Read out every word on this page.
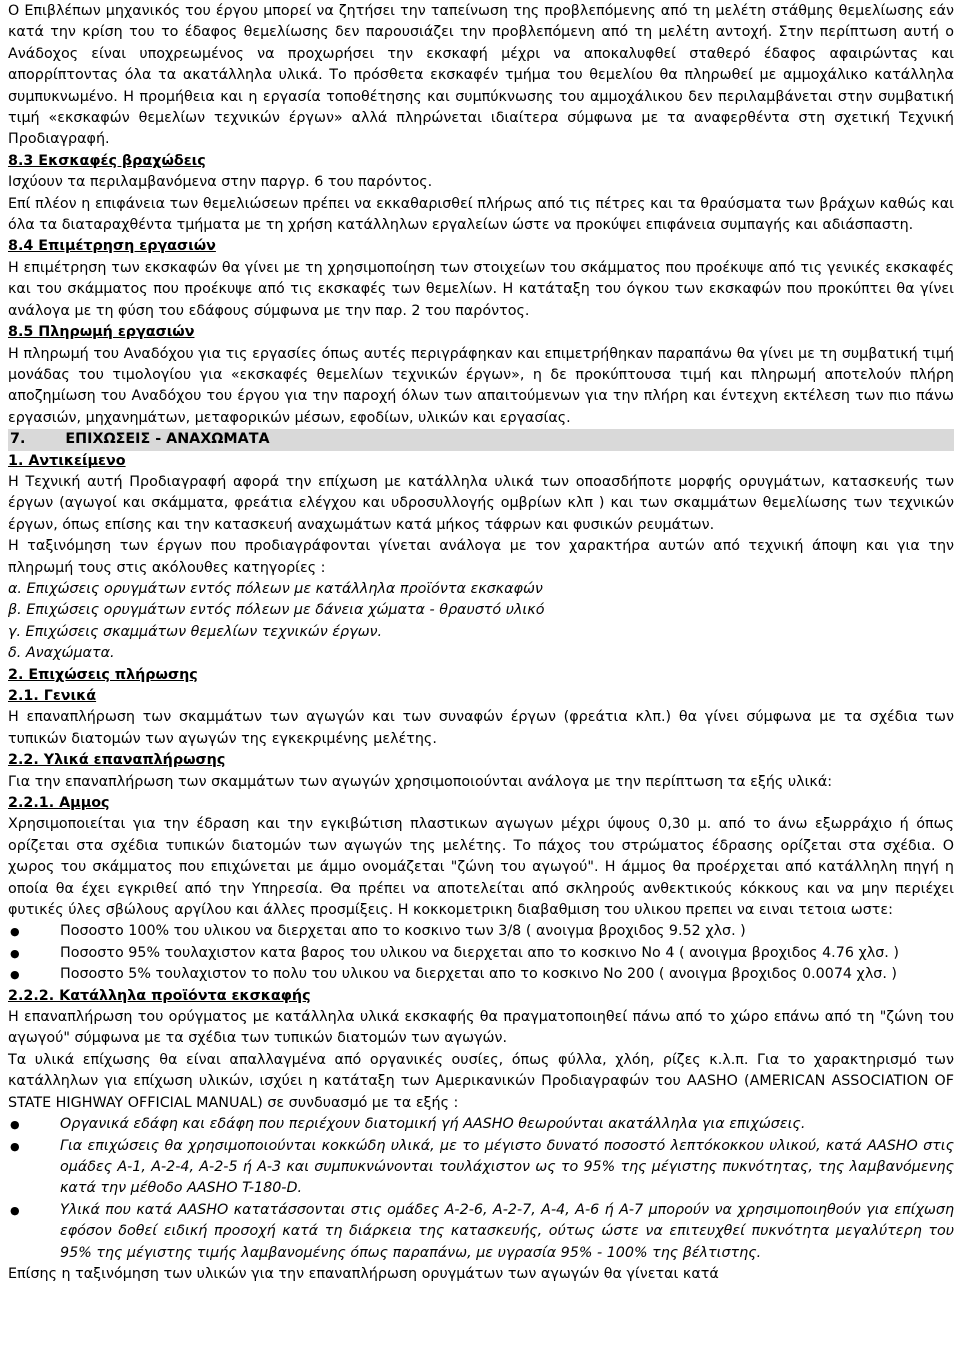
Ο Επιβλέπων μηχανικός του έργου μπορεί να ζητήσει την ταπείνωση της προβλεπόμενης από τη μελέτη στάθμης θεμελίωσης εάν κατά την κρίση του το έδαφος θεμελίωσης δεν παρουσιάζει την προβλεπόμενη από τη μελέτη αντοχή. Στην περίπτωση αυτή ο Ανάδοχος είναι υποχρεωμένος να προχωρήσει την εκσκαφή μέχρι να αποκαλυφθεί σταθερό έδαφος αφαιρώντας και απορρίπτοντας όλα τα ακατάλληλα υλικά. Το πρόσθετα εκσκαφέν τμήμα του θεμελίου θα πληρωθεί με αμμοχάλικο κατάλληλα συμπυκνωμένο. Η προμήθεια και η εργασία τοποθέτησης και συμπύκνωσης του αμμοχάλικου δεν περιλαμβάνεται στην συμβατική τιμή «εκσκαφών θεμελίων τεχνικών έργων» αλλά πληρώνεται ιδιαίτερα σύμφωνα με τα αναφερθέντα στη σχετική Τεχνική Προδιαγραφή.

8.3 Εκσκαφές βραχώδεις

Ισχύουν τα περιλαμβανόμενα στην παργρ. 6 του παρόντος.

Επί πλέον η επιφάνεια των θεμελιώσεων πρέπει να εκκαθαρισθεί πλήρως από τις πέτρες και τα θραύσματα των βράχων καθώς και όλα τα διαταραχθέντα τμήματα με τη χρήση κατάλληλων εργαλείων ώστε να προκύψει επιφάνεια συμπαγής και αδιάσπαστη.

8.4 Επιμέτρηση εργασιών

Η επιμέτρηση των εκσκαφών θα γίνει με τη χρησιμοποίηση των στοιχείων του σκάμματος που προέκυψε από τις γενικές εκσκαφές και του σκάμματος που προέκυψε από τις εκσκαφές των θεμελίων. Η κατάταξη του όγκου των εκσκαφών που προκύπτει θα γίνει ανάλογα με τη φύση του εδάφους σύμφωνα με την παρ. 2 του παρόντος.

8.5 Πληρωμή εργασιών

Η πληρωμή του Αναδόχου για τις εργασίες όπως αυτές περιγράφηκαν και επιμετρήθηκαν παραπάνω θα γίνει με τη συμβατική τιμή μονάδας του τιμολογίου για «εκσκαφές θεμελίων τεχνικών έργων», η δε προκύπτουσα τιμή και πληρωμή αποτελούν πλήρη αποζημίωση του Αναδόχου του έργου για την παροχή όλων των απαιτούμενων για την πλήρη και έντεχνη εκτέλεση των πιο πάνω εργασιών, μηχανημάτων, μεταφορικών μέσων, εφοδίων, υλικών και εργασίας.

7.	ΕΠΙΧΩΣΕΙΣ - ΑΝΑΧΩΜΑΤΑ

1. Αντικείμενο

Η Τεχνική αυτή Προδιαγραφή αφορά την επίχωση με κατάλληλα υλικά των οποασδήποτε μορφής ορυγμάτων, κατασκευής των έργων (αγωγοί και σκάμματα, φρεάτια ελέγχου και υδροσυλλογής ομβρίων κλπ ) και των σκαμμάτων θεμελίωσης των τεχνικών έργων, όπως επίσης και την κατασκευή αναχωμάτων κατά μήκος τάφρων και φυσικών ρευμάτων.

Η ταξινόμηση των έργων που προδιαγράφονται γίνεται ανάλογα με τον χαρακτήρα αυτών από τεχνική άποψη και για την πληρωμή τους στις ακόλουθες κατηγορίες :

α. Επιχώσεις ορυγμάτων εντός πόλεων με κατάλληλα προϊόντα εκσκαφών

β. Επιχώσεις ορυγμάτων εντός πόλεων με δάνεια χώματα - θραυστό υλικό

γ. Επιχώσεις σκαμμάτων θεμελίων τεχνικών έργων.

δ. Αναχώματα.

2. Επιχώσεις πλήρωσης

2.1. Γενικά

Η επαναπλήρωση των σκαμμάτων των αγωγών και των συναφών έργων (φρεάτια κλπ.) θα γίνει σύμφωνα με τα σχέδια των τυπικών διατομών των αγωγών της εγκεκριμένης μελέτης.

2.2. Υλικά επαναπλήρωσης

Για την επαναπλήρωση των σκαμμάτων των αγωγών χρησιμοποιούνται ανάλογα με την περίπτωση τα εξής υλικά:

2.2.1. Αμμος

Χρησιμοποιείται για την έδραση και την εγκιβώτιση πλαστικων αγωγων μέχρι ύψους 0,30 μ. από το άνω εξωρράχιο ή όπως ορίζεται στα σχέδια τυπικών διατομών των αγωγών της μελέτης. Το πάχος του στρώματος έδρασης ορίζεται στα σχέδια. Ο χωρος του σκάμματος που επιχώνεται με άμμο ονομάζεται "ζώνη του αγωγού". Η άμμος θα προέρχεται από κατάλληλη πηγή η οποία θα έχει εγκριθεί από την Υπηρεσία. Θα πρέπει να αποτελείται από σκληρούς ανθεκτικούς κόκκους και να μην περιέχει φυτικές ύλες σβώλους αργίλου και άλλες προσμίξεις. Η κοκκομετρικη διαβαθμιση του υλικου πρεπει να ειναι τετοια ωστε:

● Ποσοστο 100% του υλικου να διερχεται απο το κοσκινο των 3/8 ( ανοιγμα βροχιδος 9.52 χλσ. )
● Ποσοστο 95% τουλαχιστον κατα βαρος του υλικου να διερχεται απο το κοσκινο Νο 4 ( ανοιγμα βροχιδος 4.76 χλσ. )
● Ποσοστο 5% τουλαχιστον το πολυ του υλικου να διερχεται απο το κοσκινο Νο 200 ( ανοιγμα βροχιδος 0.0074 χλσ. )

2.2.2. Κατάλληλα προϊόντα εκσκαφής

Η επαναπλήρωση του ορύγματος με κατάλληλα υλικά εκσκαφής θα πραγματοποιηθεί πάνω από το χώρο επάνω από τη "ζώνη του αγωγού" σύμφωνα με τα σχέδια των τυπικών διατομών των αγωγών.

Τα υλικά επίχωσης θα είναι απαλλαγμένα από οργανικές ουσίες, όπως φύλλα, χλόη, ρίζες κ.λ.π. Για το χαρακτηρισμό των κατάλληλων για επίχωση υλικών, ισχύει η κατάταξη των Αμερικανικών Προδιαγραφών του AASHO (AMERICAN ASSOCIATION OF STATE HIGHWAY OFFICIAL MANUAL) σε συνδυασμό με τα εξής :

● Οργανικά εδάφη και εδάφη που περιέχουν διατομική γή AASHO θεωρούνται ακατάλληλα για επιχώσεις.
● Για επιχώσεις θα χρησιμοποιούνται κοκκώδη υλικά, με το μέγιστο δυνατό ποσοστό λεπτόκοκκου υλικού, κατά AASHO στις ομάδες Α-1, Α-2-4, Α-2-5 ή Α-3 και συμπυκνώνονται τουλάχιστον ως το 95% της μέγιστης πυκνότητας, της λαμβανόμενης κατά την μέθοδο AASHO T-180-D.
● Υλικά που κατά AASHO κατατάσσονται στις ομάδες Α-2-6, Α-2-7, Α-4, Α-6 ή Α-7 μπορούν να χρησιμοποιηθούν για επίχωση εφόσον δοθεί ειδική προσοχή κατά τη διάρκεια της κατασκευής, ούτως ώστε να επιτευχθεί πυκνότητα μεγαλύτερη του 95% της μέγιστης τιμής λαμβανομένης όπως παραπάνω, με υγρασία 95% - 100% της βέλτιστης.

Επίσης η ταξινόμηση των υλικών για την επαναπλήρωση ορυγμάτων των αγωγών θα γίνεται κατά
